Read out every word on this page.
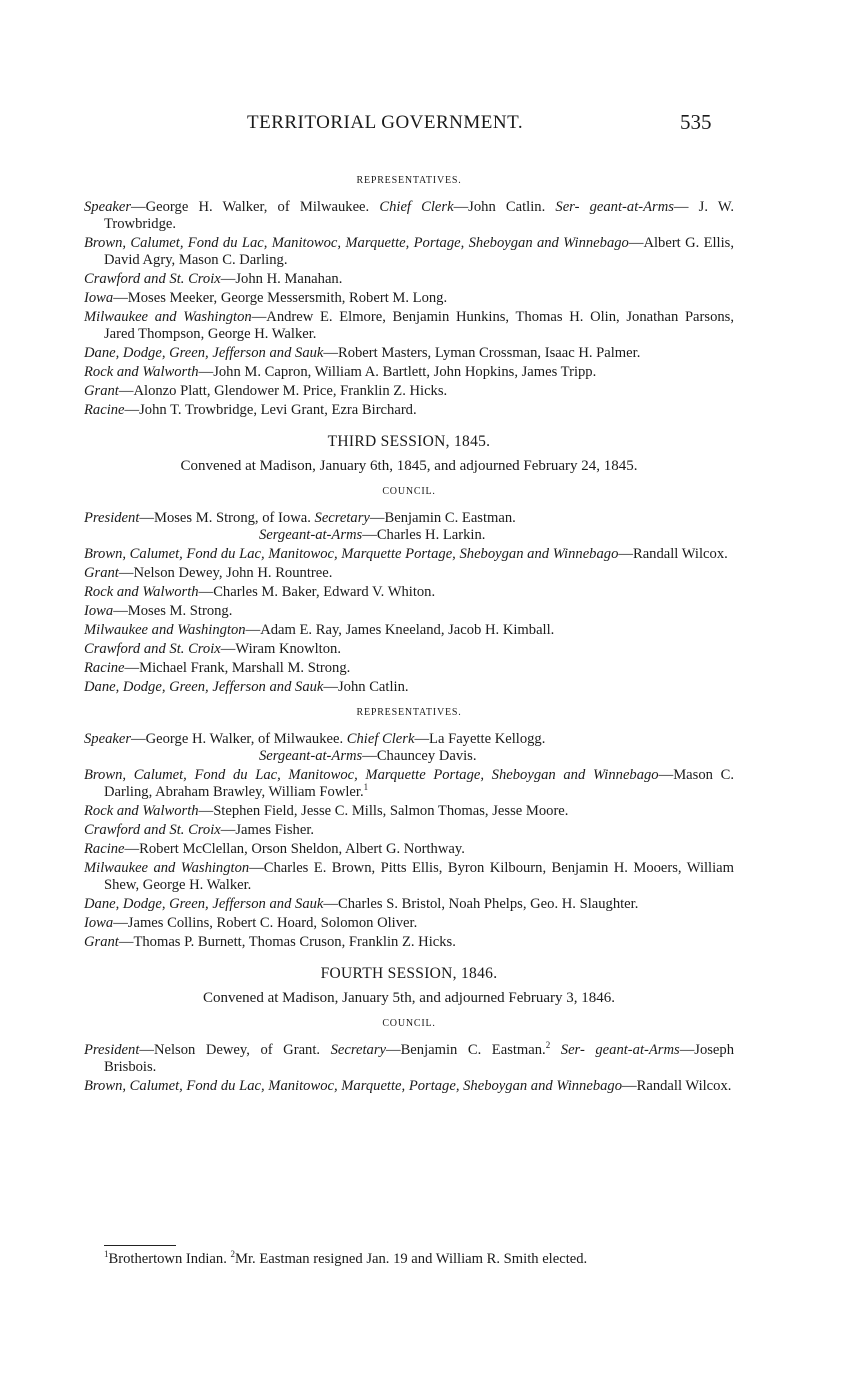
TERRITORIAL GOVERNMENT.	535
REPRESENTATIVES.

Speaker—George H. Walker, of Milwaukee. Chief Clerk—John Catlin. Ser- geant-at-Arms— J. W. Trowbridge.

Brown, Calumet, Fond du Lac, Manitowoc, Marquette, Portage, Sheboygan and Winnebago—Albert G. Ellis, David Agry, Mason C. Darling.

Crawford and St. Croix—John H. Manahan.

Iowa—Moses Meeker, George Messersmith, Robert M. Long.

Milwaukee and Washington—Andrew E. Elmore, Benjamin Hunkins, Thomas H. Olin, Jonathan Parsons, Jared Thompson, George H. Walker.

Dane, Dodge, Green, Jefferson and Sauk—Robert Masters, Lyman Crossman, Isaac H. Palmer.

Rock and Walworth—John M. Capron, William A. Bartlett, John Hopkins, James Tripp.

Grant—Alonzo Platt, Glendower M. Price, Franklin Z. Hicks.

Racine—John T. Trowbridge, Levi Grant, Ezra Birchard.

THIRD SESSION, 1845.
Convened at Madison, January 6th, 1845, and adjourned February 24, 1845.
COUNCIL.

President—Moses M. Strong, of Iowa. Secretary—Benjamin C. Eastman.
Sergeant-at-Arms—Charles H. Larkin.

Brown, Calumet, Fond du Lac, Manitowoc, Marquette Portage, Sheboygan and Winnebago—Randall Wilcox.

Grant—Nelson Dewey, John H. Rountree.

Rock and Walworth—Charles M. Baker, Edward V. Whiton.

Iowa—Moses M. Strong.

Milwaukee and Washington—Adam E. Ray, James Kneeland, Jacob H. Kimball.

Crawford and St. Croix—Wiram Knowlton.

Racine—Michael Frank, Marshall M. Strong.

Dane, Dodge, Green, Jefferson and Sauk—John Catlin.

REPRESENTATIVES.

Speaker—George H. Walker, of Milwaukee. Chief Clerk—La Fayette Kellogg.
Sergeant-at-Arms—Chauncey Davis.

Brown, Calumet, Fond du Lac, Manitowoc, Marquette Portage, Sheboygan and Winnebago—Mason C. Darling, Abraham Brawley, William Fowler.$^1$

Rock and Walworth—Stephen Field, Jesse C. Mills, Salmon Thomas, Jesse Moore.

Crawford and St. Croix—James Fisher.

Racine—Robert McClellan, Orson Sheldon, Albert G. Northway.

Milwaukee and Washington—Charles E. Brown, Pitts Ellis, Byron Kilbourn, Benjamin H. Mooers, William Shew, George H. Walker.

Dane, Dodge, Green, Jefferson and Sauk—Charles S. Bristol, Noah Phelps, Geo. H. Slaughter.

Iowa—James Collins, Robert C. Hoard, Solomon Oliver.

Grant—Thomas P. Burnett, Thomas Cruson, Franklin Z. Hicks.

FOURTH SESSION, 1846.
Convened at Madison, January 5th, and adjourned February 3, 1846.
COUNCIL.

President—Nelson Dewey, of Grant. Secretary—Benjamin C. Eastman.$^2$ Ser- geant-at-Arms—Joseph Brisbois.

Brown, Calumet, Fond du Lac, Manitowoc, Marquette, Portage, Sheboygan and Winnebago—Randall Wilcox.

$^1$Brothertown Indian. $^2$Mr. Eastman resigned Jan. 19 and William R. Smith elected.
